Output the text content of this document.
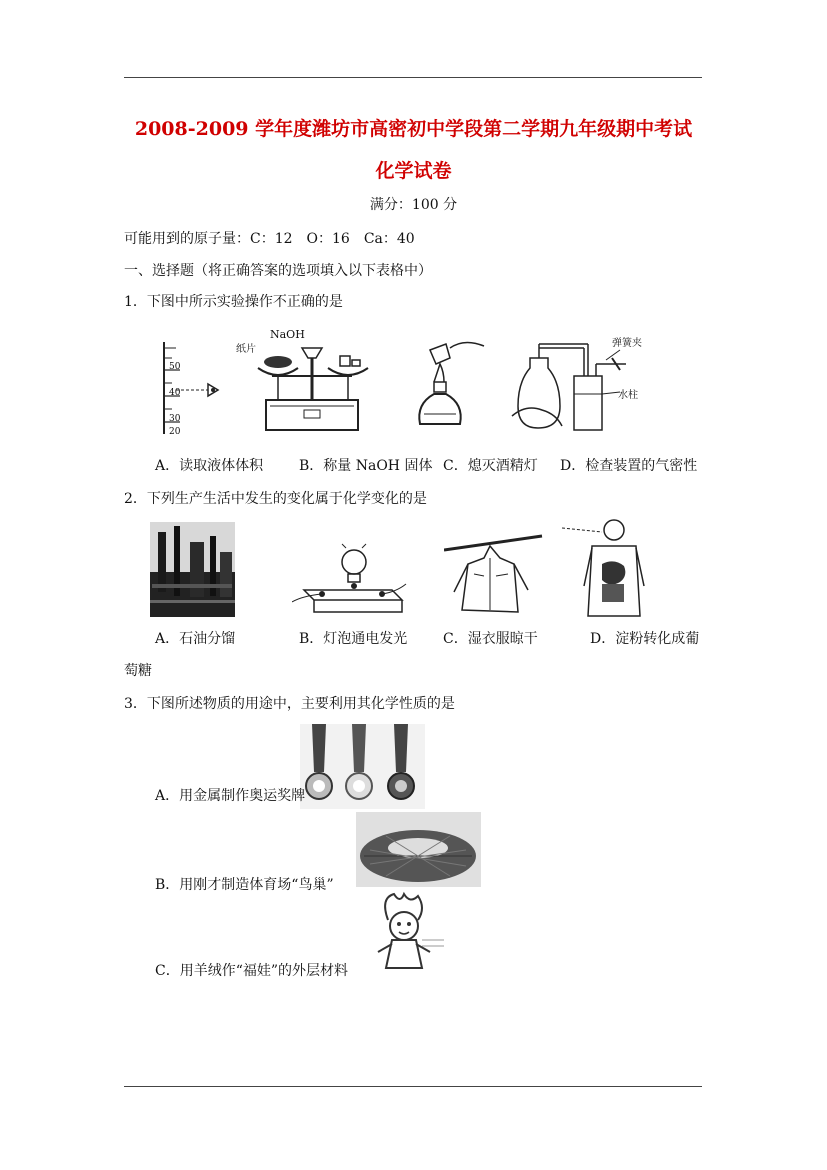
2008-2009 学年度潍坊市高密初中学段第二学期九年级期中考试
化学试卷
满分：100 分
可能用到的原子量：C：12　O：16　Ca：40
一、选择题（将正确答案的选项填入以下表格中）
1．下图中所示实验操作不正确的是
50
40
30
20
NaOH
纸片
弹簧夹
水柱
A．读取液体体积	B．称量 NaOH 固体 C．熄灭酒精灯 D．检查装置的气密性
2．下列生产生活中发生的变化属于化学变化的是
A．石油分馏	B．灯泡通电发光	C．湿衣服晾干	D．淀粉转化成葡
萄糖
3．下图所述物质的用途中，主要利用其化学性质的是
A．用金属制作奥运奖牌
B．用刚才制造体育场“鸟巢”
C．用羊绒作“福娃”的外层材料
